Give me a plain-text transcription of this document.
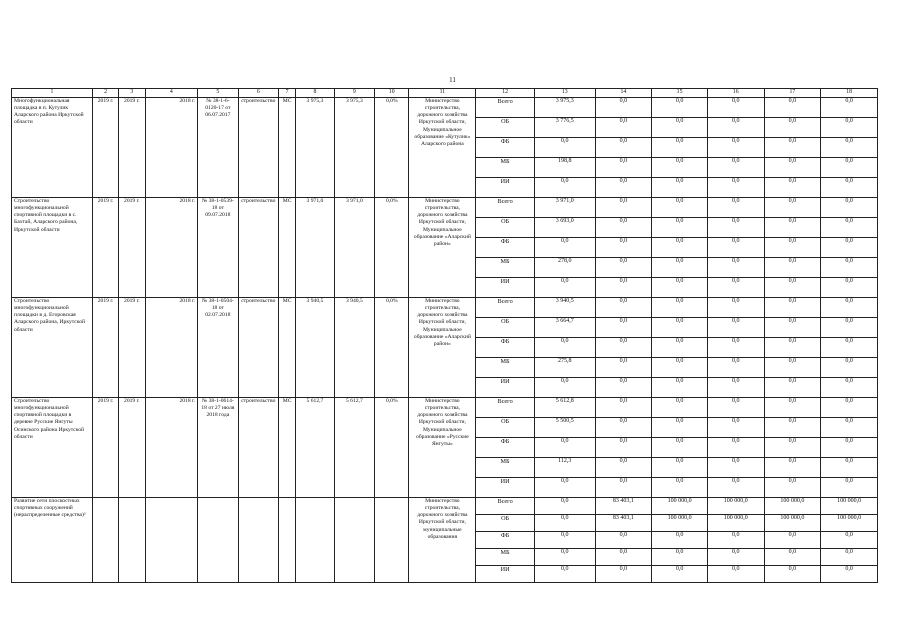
11
1	2	3	4	5	6	7	8	9	10	11	12	13	14	15	16	17	18
Многофункциональная площадка в п. Кутулик Аларского района Иркутской области	2019 г.	2019 г.	2018 г.	№ 38-1-6-0120-17 от 06.07.2017	строительство	МС	3 975,3	3 975,3	0,0%	Министерство строительства, дорожного хозяйства Иркутской области, Муниципальное образование «Кутулик» Аларского района	Всего	3 975,3	0,0	0,0	0,0	0,0	0,0
											ОБ	3 776,5	0,0	0,0	0,0	0,0	0,0
											ФБ	0,0	0,0	0,0	0,0	0,0	0,0
											МБ	198,8	0,0	0,0	0,0	0,0	0,0
											ИИ	0,0	0,0	0,0	0,0	0,0	0,0
Строительство многофункциональной спортивной площадки в с. Бахтай, Аларского района, Иркутской области	2019 г.	2019 г.	2018 г.	№ 38-1-0539-18 от 09.07.2018	строительство	МС	3 971,0	3 971,0	0,0%	Министерство строительства, дорожного хозяйства Иркутской области, Муниципальное образование «Аларский район»	Всего	3 971,0	0,0	0,0	0,0	0,0	0,0
											ОБ	3 693,0	0,0	0,0	0,0	0,0	0,0
											ФБ	0,0	0,0	0,0	0,0	0,0	0,0
											МБ	278,0	0,0	0,0	0,0	0,0	0,0
											ИИ	0,0	0,0	0,0	0,0	0,0	0,0
Строительство многофункциональной площадки в д. Егоровская Аларского района, Иркутской области	2019 г.	2019 г.	2018 г.	№ 38-1-0504-18 от 02.07.2018	строительство	МС	3 940,5	3 940,5	0,0%	Министерство строительства, дорожного хозяйства Иркутской области, Муниципальное образование «Аларский район»	Всего	3 940,5	0,0	0,0	0,0	0,0	0,0
											ОБ	3 664,7	0,0	0,0	0,0	0,0	0,0
											ФБ	0,0	0,0	0,0	0,0	0,0	0,0
											МБ	275,8	0,0	0,0	0,0	0,0	0,0
											ИИ	0,0	0,0	0,0	0,0	0,0	0,0
Строительство многофункциональной спортивной площадки в деревне Русские Янгуты Осинского района Иркутской области	2019 г.	2019 г.	2018 г.	№ 38-1-0614-18 от 27 июля 2018 года	строительство	МС	5 612,7	5 612,7	0,0%	Министерство строительства, дорожного хозяйства Иркутской области, Муниципальное образование «Русские Янгуты»	Всего	5 612,8	0,0	0,0	0,0	0,0	0,0
											ОБ	5 500,5	0,0	0,0	0,0	0,0	0,0
											ФБ	0,0	0,0	0,0	0,0	0,0	0,0
											МБ	112,3	0,0	0,0	0,0	0,0	0,0
											ИИ	0,0	0,0	0,0	0,0	0,0	0,0
Развитие сети плоскостных спортивных сооружений (нераспределенные средства)²										Министерство строительства, дорожного хозяйства Иркутской области, муниципальные образования	Всего	0,0	83 403,1	100 000,0	100 000,0	100 000,0	100 000,0
											ОБ	0,0	83 403,1	100 000,0	100 000,0	100 000,0	100 000,0
											ФБ	0,0	0,0	0,0	0,0	0,0	0,0
											МБ	0,0	0,0	0,0	0,0	0,0	0,0
											ИИ	0,0	0,0	0,0	0,0	0,0	0,0
